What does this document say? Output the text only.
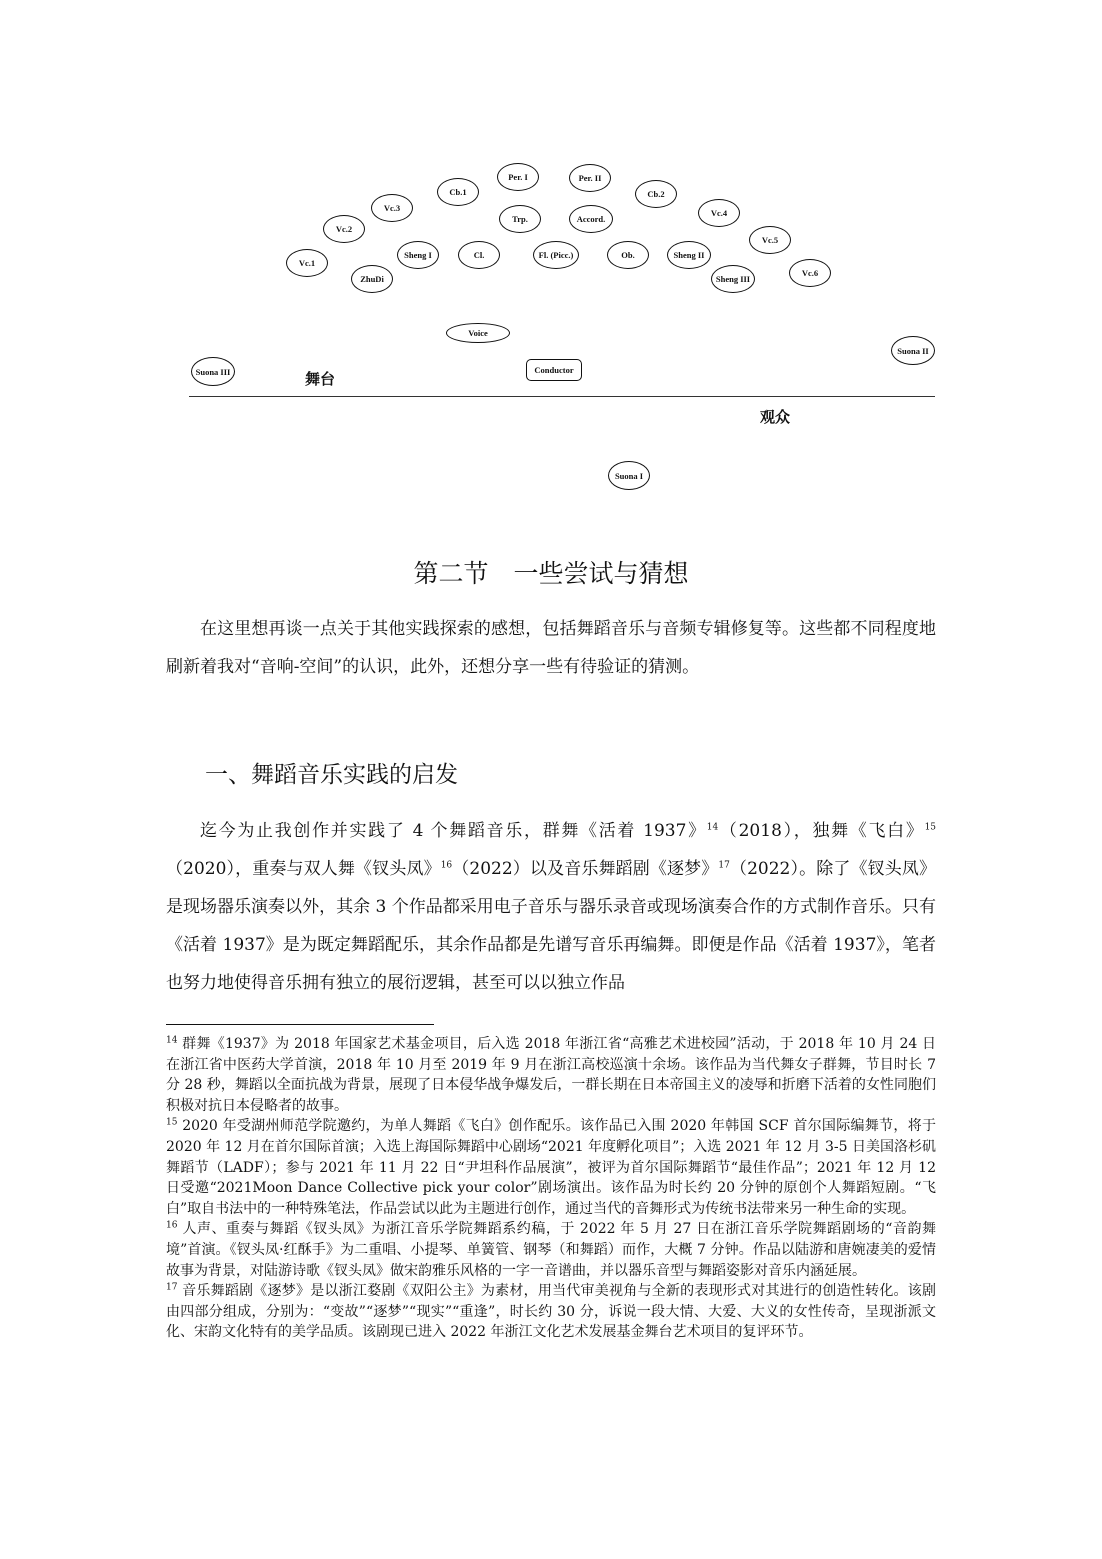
Per. I	Per. II
Cb.1	Cb.2
Vc.3	Vc.4
Vc.2
Trp.	Accord.
Vc.5
Vc.1
Sheng I	Cl.	Fl. (Picc.)	Ob.	Sheng II
Vc.6
ZhuDi	Sheng III
Voice
Suona II
Suona III	Conductor
Suona I
舞台
观众
第二节　一些尝试与猜想

在这里想再谈一点关于其他实践探索的感想，包括舞蹈音乐与音频专辑修复等。这些都不同程度地刷新着我对“音响-空间”的认识，此外，还想分享一些有待验证的猜测。

一、舞蹈音乐实践的启发

迄今为止我创作并实践了 4 个舞蹈音乐，群舞《活着 1937》$^{14}$（2018），独舞《飞白》$^{15}$（2020），重奏与双人舞《钗头凤》$^{16}$（2022）以及音乐舞蹈剧《逐梦》$^{17}$（2022）。除了《钗头凤》是现场器乐演奏以外，其余 3 个作品都采用电子音乐与器乐录音或现场演奏合作的方式制作音乐。只有《活着 1937》是为既定舞蹈配乐，其余作品都是先谱写音乐再编舞。即便是作品《活着 1937》，笔者也努力地使得音乐拥有独立的展衍逻辑，甚至可以以独立作品

$^{14}$ 群舞《1937》为 2018 年国家艺术基金项目，后入选 2018 年浙江省“高雅艺术进校园”活动，于 2018 年 10 月 24 日在浙江省中医药大学首演，2018 年 10 月至 2019 年 9 月在浙江高校巡演十余场。该作品为当代舞女子群舞，节目时长 7 分 28 秒，舞蹈以全面抗战为背景，展现了日本侵华战争爆发后，一群长期在日本帝国主义的凌辱和折磨下活着的女性同胞们积极对抗日本侵略者的故事。

$^{15}$ 2020 年受湖州师范学院邀约，为单人舞蹈《飞白》创作配乐。该作品已入围 2020 年韩国 SCF 首尔国际编舞节，将于 2020 年 12 月在首尔国际首演；入选上海国际舞蹈中心剧场“2021 年度孵化项目”；入选 2021 年 12 月 3-5 日美国洛杉矶舞蹈节（LADF）；参与 2021 年 11 月 22 日“尹坦科作品展演”，被评为首尔国际舞蹈节“最佳作品”；2021 年 12 月 12 日受邀“2021Moon Dance Collective pick your color”剧场演出。该作品为时长约 20 分钟的原创个人舞蹈短剧。“飞白”取自书法中的一种特殊笔法，作品尝试以此为主题进行创作，通过当代的音舞形式为传统书法带来另一种生命的实现。

$^{16}$ 人声、重奏与舞蹈《钗头凤》为浙江音乐学院舞蹈系约稿，于 2022 年 5 月 27 日在浙江音乐学院舞蹈剧场的“音韵舞境”首演。《钗头凤·红酥手》为二重唱、小提琴、单簧管、钢琴（和舞蹈）而作，大概 7 分钟。作品以陆游和唐婉凄美的爱情故事为背景，对陆游诗歌《钗头凤》做宋韵雅乐风格的一字一音谱曲，并以器乐音型与舞蹈姿影对音乐内涵延展。

$^{17}$ 音乐舞蹈剧《逐梦》是以浙江婺剧《双阳公主》为素材，用当代审美视角与全新的表现形式对其进行的创造性转化。该剧由四部分组成，分别为：“变故”“逐梦”“现实”“重逢”，时长约 30 分，诉说一段大情、大爱、大义的女性传奇，呈现浙派文化、宋韵文化特有的美学品质。该剧现已进入 2022 年浙江文化艺术发展基金舞台艺术项目的复评环节。
